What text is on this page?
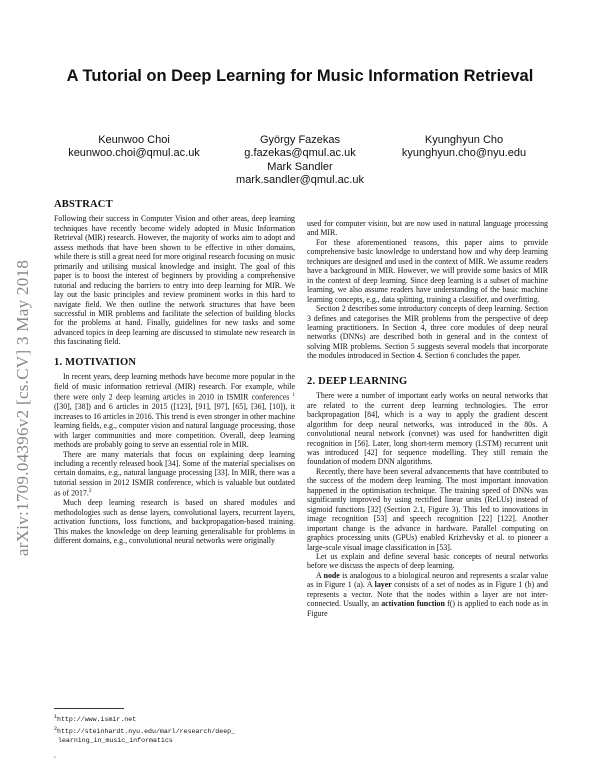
arXiv:1709.04396v2 [cs.CV] 3 May 2018
A Tutorial on Deep Learning for Music Information Retrieval
Keunwoo Choi
keunwoo.choi@qmul.ac.uk
György Fazekas
g.fazekas@qmul.ac.uk
Kyunghyun Cho
kyunghyun.cho@nyu.edu
Mark Sandler
mark.sandler@qmul.ac.uk
ABSTRACT

Following their success in Computer Vision and other areas, deep learning techniques have recently become widely adopted in Music Information Retrieval (MIR) research. However, the majority of works aim to adopt and assess methods that have been shown to be effective in other domains, while there is still a great need for more original research focusing on music primarily and utilising musical knowledge and insight. The goal of this paper is to boost the interest of beginners by providing a comprehensive tutorial and reducing the barriers to entry into deep learning for MIR. We lay out the basic principles and review prominent works in this hard to navigate field. We then outline the network structures that have been successful in MIR problems and facilitate the selection of building blocks for the problems at hand. Finally, guidelines for new tasks and some advanced topics in deep learning are discussed to stimulate new research in this fascinating field.

1. MOTIVATION

In recent years, deep learning methods have become more popular in the field of music information retrieval (MIR) research. For example, while there were only 2 deep learning articles in 2010 in ISMIR conferences $^1$ ([30], [38]) and 6 articles in 2015 ([123], [91], [97], [65], [36], [10]), it increases to 16 articles in 2016. This trend is even stronger in other machine learning fields, e.g., computer vision and natural language processing, those with larger communities and more competition. Overall, deep learning methods are probably going to serve an essential role in MIR.

There are many materials that focus on explaining deep learning including a recently released book [34]. Some of the material specialises on certain domains, e.g., natural language processing [33]. In MIR, there was a tutorial session in 2012 ISMIR conference, which is valuable but outdated as of 2017.$^2$

Much deep learning research is based on shared modules and methodologies such as dense layers, convolutional layers, recurrent layers, activation functions, loss functions, and backpropagation-based training. This makes the knowledge on deep learning generalisable for problems in different domains, e.g., convolutional neural networks were originally

$^1$http://www.ismir.net
$^2$http://steinhardt.nyu.edu/marl/research/deep_
learning_in_music_informatics
,

used for computer vision, but are now used in natural language processing and MIR.

For these aforementioned reasons, this paper aims to provide comprehensive basic knowledge to understand how and why deep learning techniques are designed and used in the context of MIR. We assume readers have a background in MIR. However, we will provide some basics of MIR in the context of deep learning. Since deep learning is a subset of machine learning, we also assume readers have understanding of the basic machine learning concepts, e.g., data splitting, training a classifier, and overfitting.

Section 2 describes some introductory concepts of deep learning. Section 3 defines and categorises the MIR problems from the perspective of deep learning practitioners. In Section 4, three core modules of deep neural networks (DNNs) are described both in general and in the context of solving MIR problems. Section 5 suggests several models that incorporate the modules introduced in Section 4. Section 6 concludes the paper.

2. DEEP LEARNING

There were a number of important early works on neural networks that are related to the current deep learning technologies. The error backpropagation [84], which is a way to apply the gradient descent algorithm for deep neural networks, was introduced in the 80s. A convolutional neural network (convnet) was used for handwritten digit recognition in [56]. Later, long short-term memory (LSTM) recurrent unit was introduced [42] for sequence modelling. They still remain the foundation of modern DNN algorithms.

Recently, there have been several advancements that have contributed to the success of the modern deep learning. The most important innovation happened in the optimisation technique. The training speed of DNNs was significantly improved by using rectified linear units (ReLUs) instead of sigmoid functions [32] (Section 2.1, Figure 3). This led to innovations in image recognition [53] and speech recognition [22] [122]. Another important change is the advance in hardware. Parallel computing on graphics processing units (GPUs) enabled Krizhevsky et al. to pioneer a large-scale visual image classification in [53].

Let us explain and define several basic concepts of neural networks before we discuss the aspects of deep learning.

A node is analogous to a biological neuron and represents a scalar value as in Figure 1 (a). A layer consists of a set of nodes as in Figure 1 (b) and represents a vector. Note that the nodes within a layer are not inter-connected. Usually, an activation function f() is applied to each node as in Figure
